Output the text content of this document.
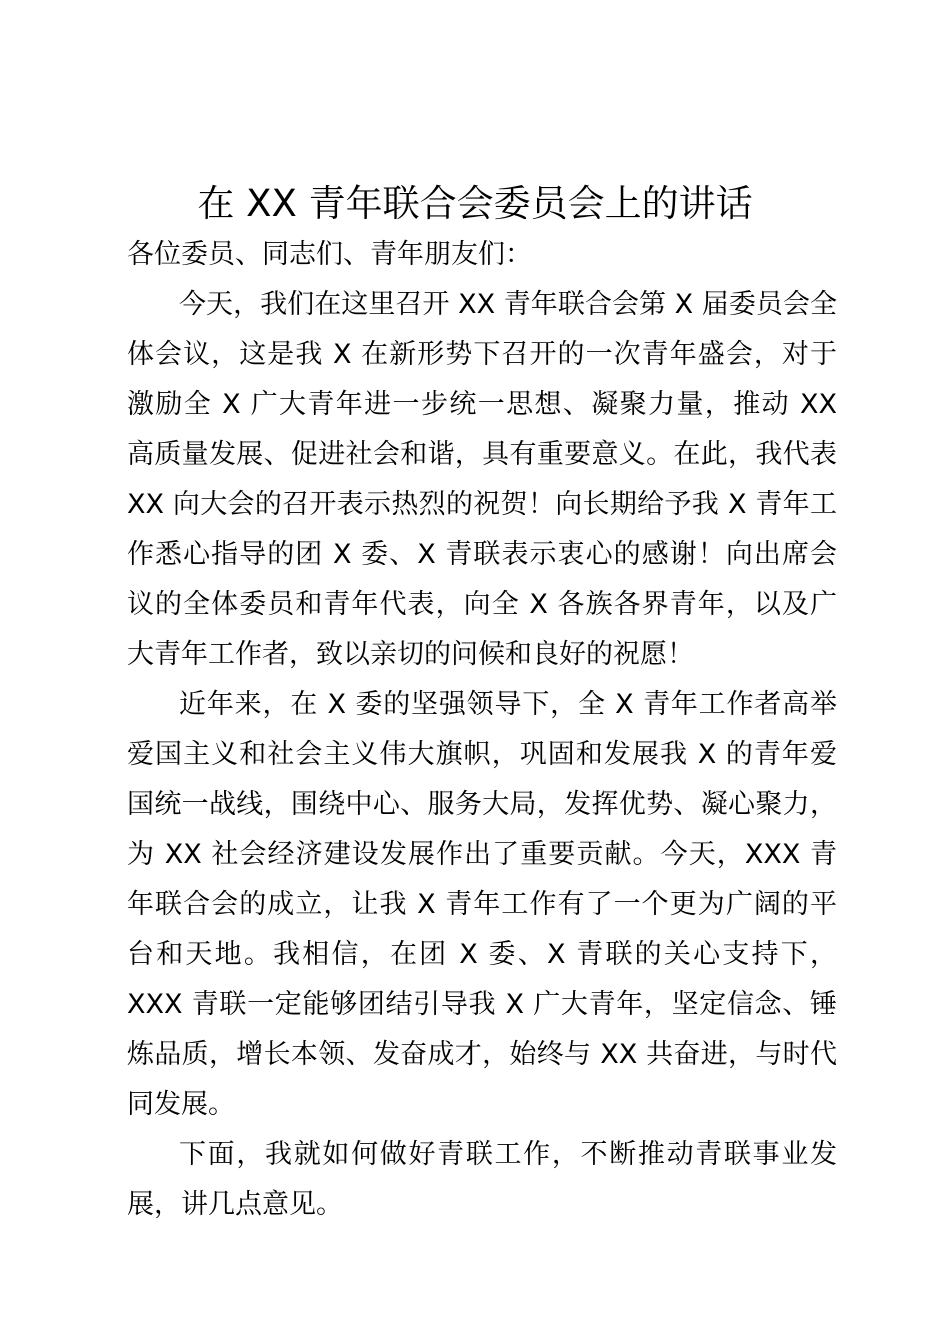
在 XX 青年联合会委员会上的讲话

各位委员、同志们、青年朋友们：

今天，我们在这里召开 XX 青年联合会第 X 届委员会全体会议，这是我 X 在新形势下召开的一次青年盛会，对于激励全 X 广大青年进一步统一思想、凝聚力量，推动 XX 高质量发展、促进社会和谐，具有重要意义。在此，我代表 XX 向大会的召开表示热烈的祝贺！向长期给予我 X 青年工作悉心指导的团 X 委、X 青联表示衷心的感谢！向出席会议的全体委员和青年代表，向全 X 各族各界青年，以及广大青年工作者，致以亲切的问候和良好的祝愿！

近年来，在 X 委的坚强领导下，全 X 青年工作者高举爱国主义和社会主义伟大旗帜，巩固和发展我 X 的青年爱国统一战线，围绕中心、服务大局，发挥优势、凝心聚力，为 XX 社会经济建设发展作出了重要贡献。今天，XXX 青年联合会的成立，让我 X 青年工作有了一个更为广阔的平台和天地。我相信，在团 X 委、X 青联的关心支持下，XXX 青联一定能够团结引导我 X 广大青年，坚定信念、锤炼品质，增长本领、发奋成才，始终与 XX 共奋进，与时代同发展。

下面，我就如何做好青联工作，不断推动青联事业发展，讲几点意见。
